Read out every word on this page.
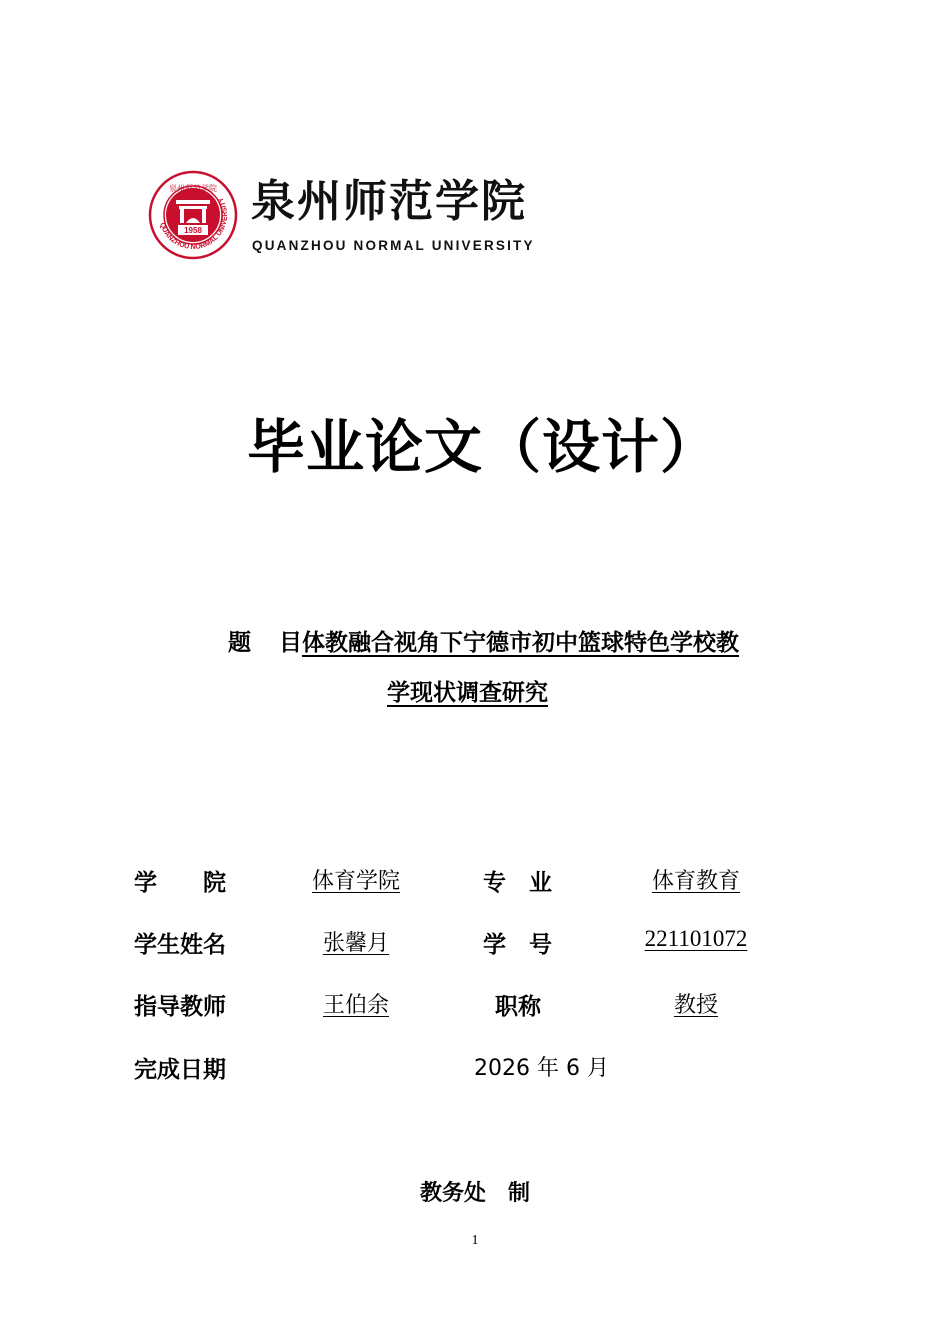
QUANZHOU NORMAL UNIVERSITY
1958
泉州师范学院 泉州师范学院
QUANZHOU NORMAL UNIVERSITY
毕业论文（设计）
题 目 体教融合视角下宁德市初中篮球特色学校教
学现状调查研究
学　　院	体育学院	专　业	体育教育
学生姓名	张馨月	学　号	221101072
指导教师	王伯余	职称	教授
完成日期	2026 年 6 月
教务处　制
1
